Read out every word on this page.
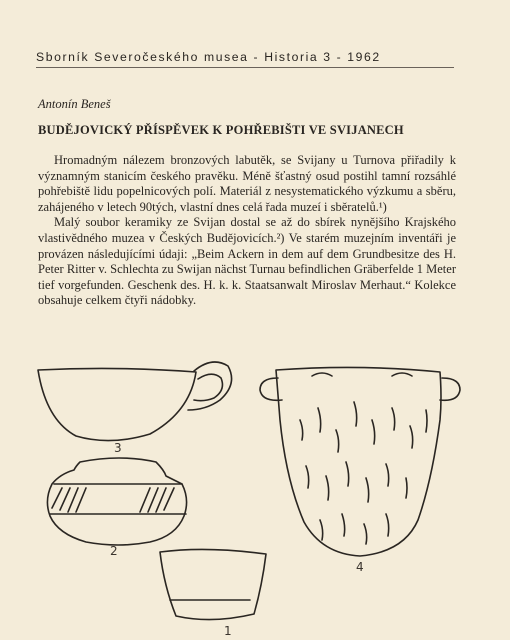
Sborník Severočeského musea - Historia 3 - 1962
Antonín Beneš
BUDĚJOVICKÝ PŘÍSPĚVEK K POHŘEBIŠTI VE SVIJANECH

Hromadným nálezem bronzových labutěk, se Svijany u Turnova přiřadily k významným stanicím českého pravěku. Méně šťastný osud postihl tamní rozsáhlé pohřebiště lidu popelnicových polí. Materiál z nesystematického výzkumu a sběru, zahájeného v letech 90tých, vlastní dnes celá řada muzeí i sběratelů.¹)

Malý soubor keramiky ze Svijan dostal se až do sbírek nynějšího Krajského vlastivědného muzea v Českých Budějovicích.²) Ve starém muzejním inventáři je provázen následujícími údaji: „Beim Ackern in dem auf dem Grundbesitze des H. Peter Ritter v. Schlechta zu Swijan nächst Turnau befindlichen Gräberfelde 1 Meter tief vorgefunden. Geschenk des. H. k. k. Staatsanwalt Miroslav Merhaut.“ Kolekce obsahuje celkem čtyři nádobky.

3
2
4
1
